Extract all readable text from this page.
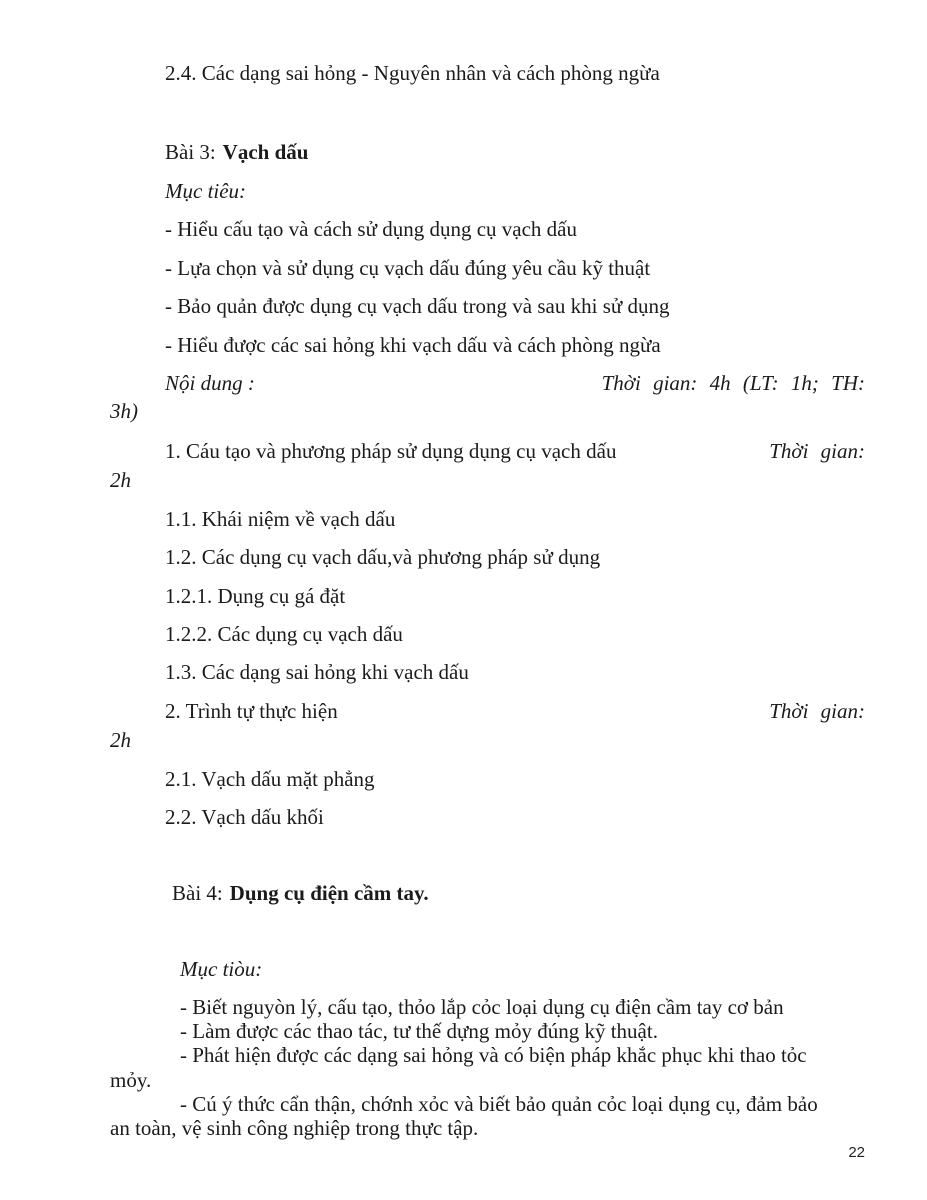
2.4. Các dạng sai hỏng - Nguyên nhân và cách phòng ngừa
Bài 3: Vạch dấu
Mục tiêu:
- Hiểu cấu tạo và cách sử dụng dụng cụ vạch dấu
- Lựa chọn và sử dụng cụ vạch dấu đúng yêu cầu kỹ thuật
- Bảo quản được dụng cụ vạch dấu trong và sau khi sử dụng
- Hiểu được các sai hỏng khi vạch dấu và cách phòng ngừa
Nội dung :	Thời gian: 4h (LT: 1h; TH:
3h)
1. Cáu tạo và phương pháp sử dụng dụng cụ vạch dấu	Thời gian:
2h
1.1. Khái niệm về vạch dấu
1.2. Các dụng cụ vạch dấu,và phương pháp sử dụng
1.2.1. Dụng cụ gá đặt
1.2.2. Các dụng cụ vạch dấu
1.3. Các dạng sai hỏng khi vạch dấu
2. Trình tự thực hiện	Thời gian:
2h
2.1. Vạch dấu mặt phẳng
2.2. Vạch dấu khối
Bài 4: Dụng cụ điện cầm tay.
Mục tiòu:
- Biết nguyòn lý, cấu tạo, thỏo lắp cỏc loại dụng cụ điện cầm tay cơ bản
- Làm được các thao tác, tư thế dựng mỏy đúng kỹ thuật.
- Phát hiện được các dạng sai hỏng và có biện pháp khắc phục khi thao tỏc
mỏy.
- Cú ý thức cẩn thận, chớnh xỏc và biết bảo quản cỏc loại dụng cụ, đảm bảo
an toàn, vệ sinh công nghiệp trong thực tập.
22
